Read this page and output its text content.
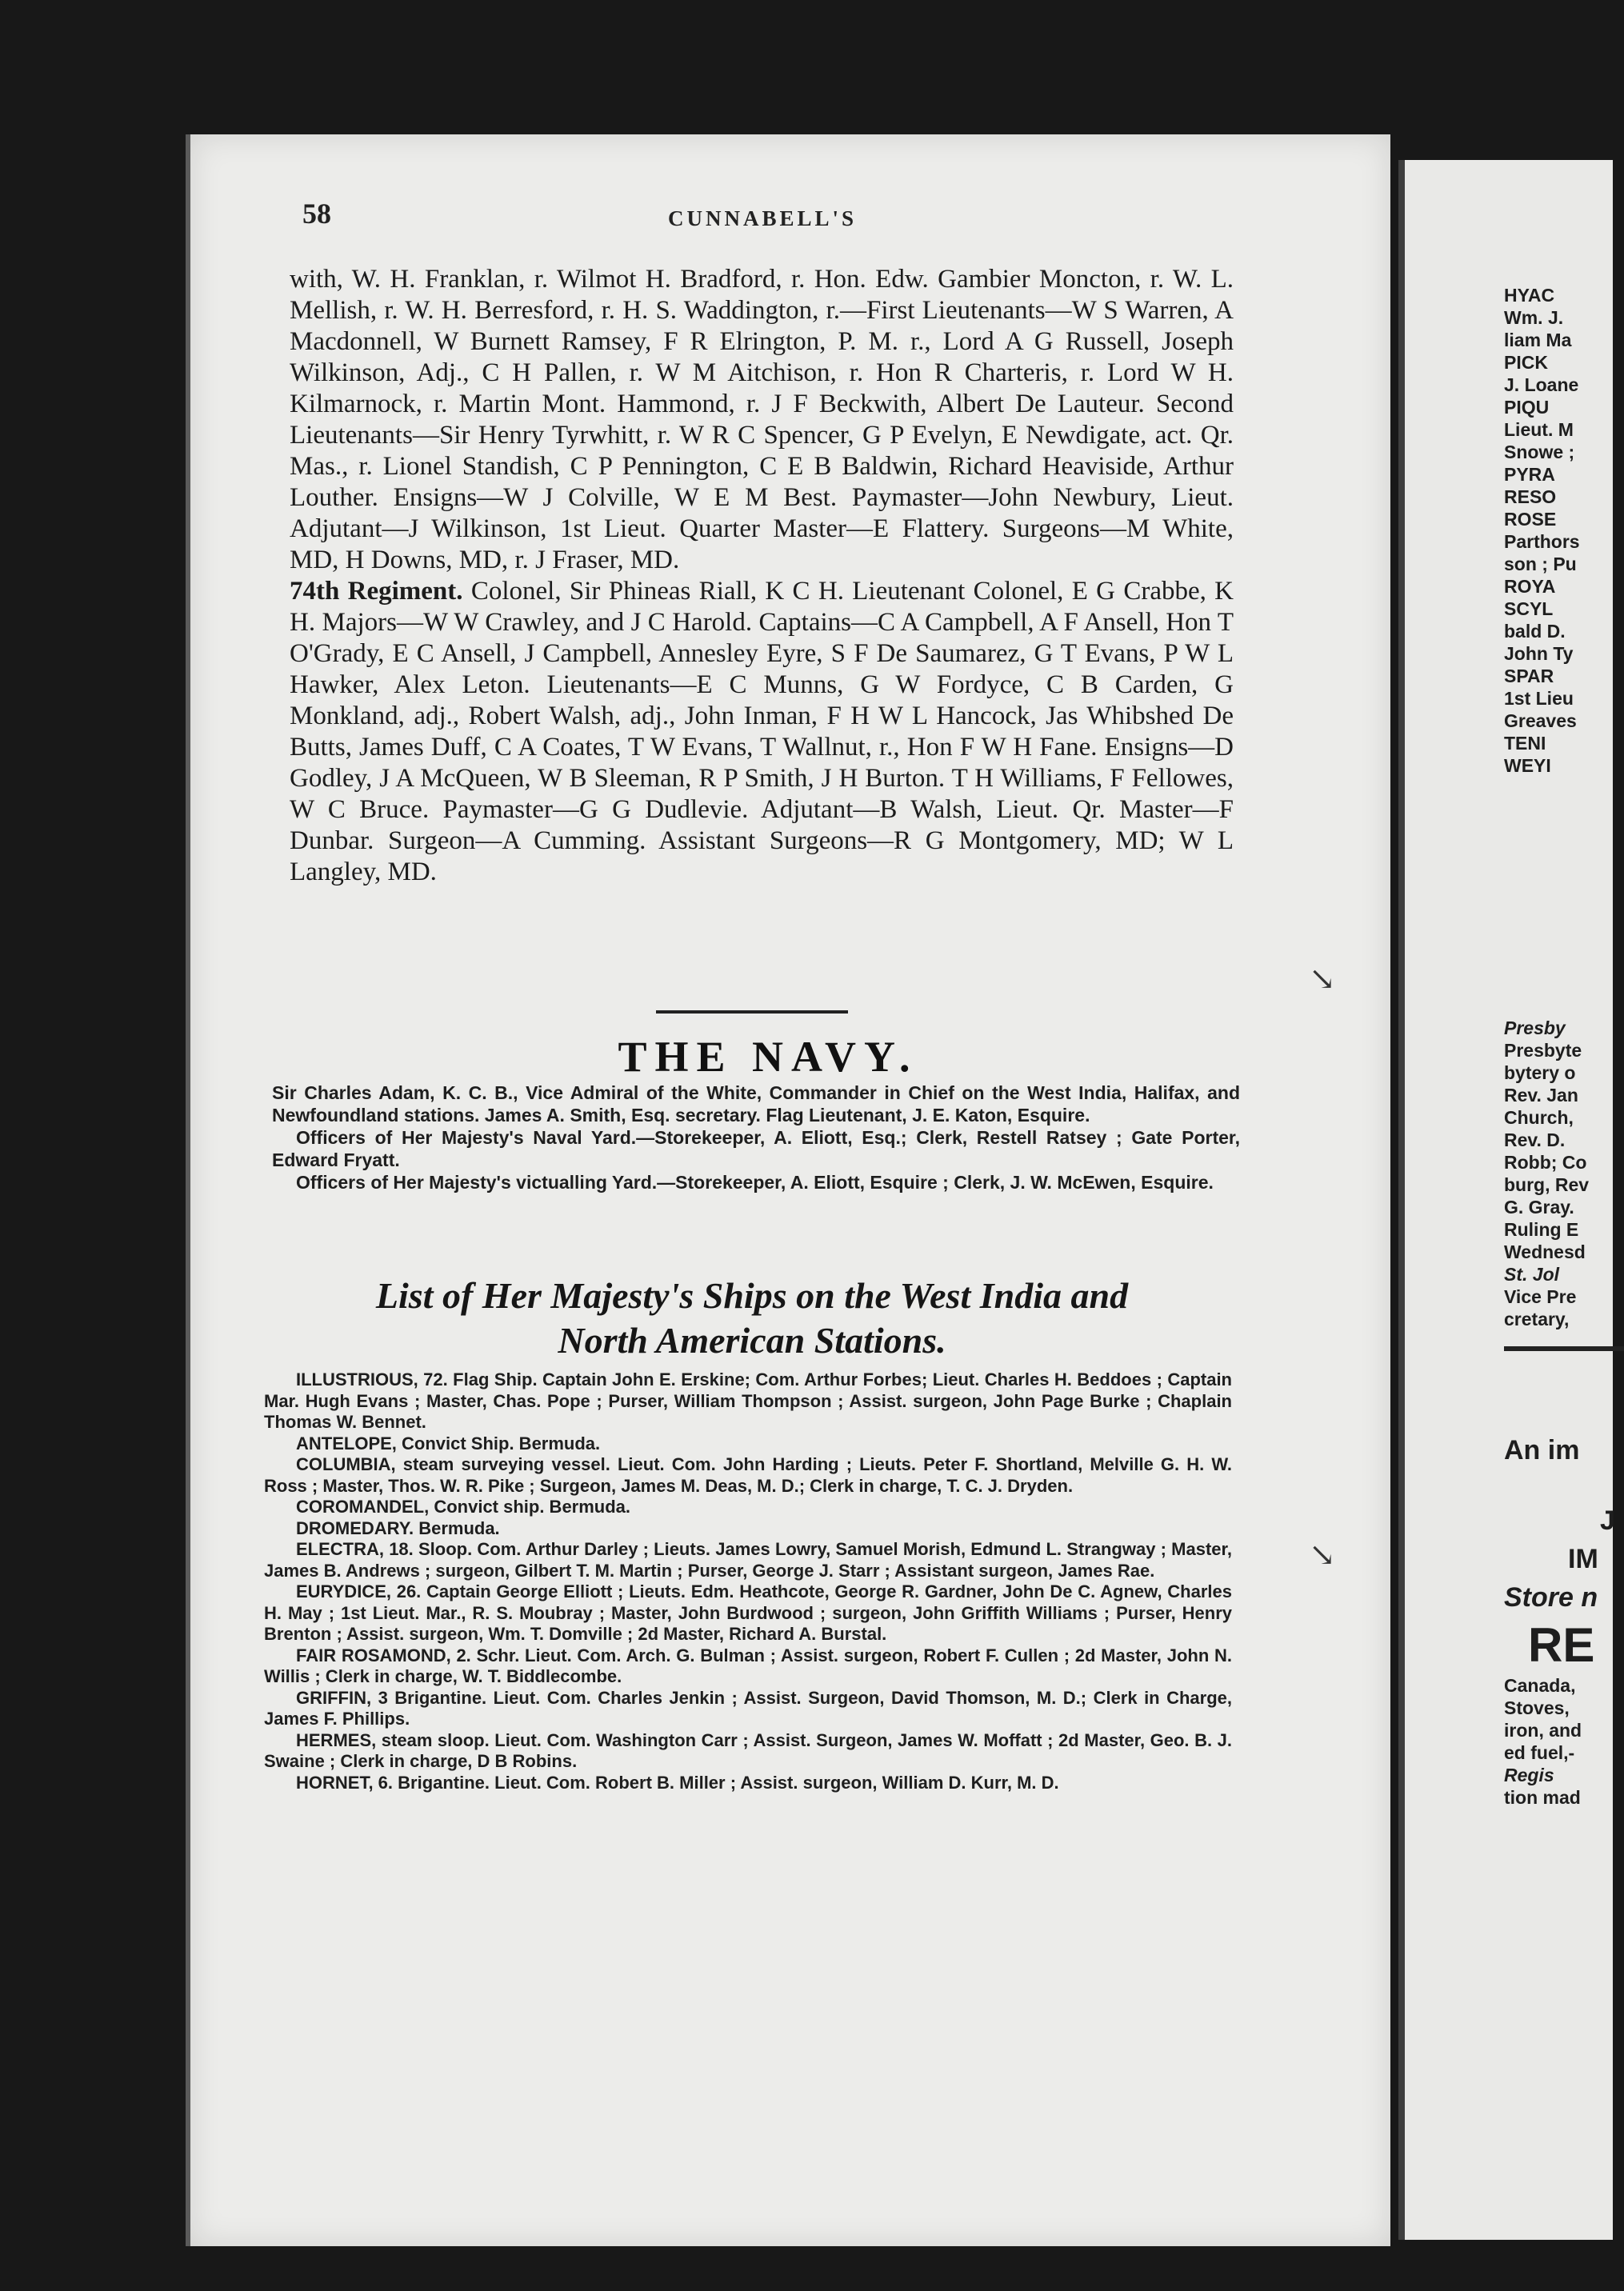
58	CUNNABELL'S

with, W. H. Franklan, r. Wilmot H. Bradford, r. Hon. Edw. Gambier Moncton, r. W. L. Mellish, r. W. H. Berresford, r. H. S. Waddington, r.—First Lieutenants—W S Warren, A Macdonnell, W Burnett Ramsey, F R Elrington, P. M. r., Lord A G Russell, Joseph Wilkinson, Adj., C H Pallen, r. W M Aitchison, r. Hon R Charteris, r. Lord W H. Kilmarnock, r. Martin Mont. Hammond, r. J F Beckwith, Albert De Lauteur. Second Lieutenants—Sir Henry Tyrwhitt, r. W R C Spencer, G P Evelyn, E Newdigate, act. Qr. Mas., r. Lionel Standish, C P Pennington, C E B Baldwin, Richard Heaviside, Arthur Louther. Ensigns—W J Colville, W E M Best. Paymaster—John Newbury, Lieut. Adjutant—J Wilkinson, 1st Lieut. Quarter Master—E Flattery. Surgeons—M White, MD, H Downs, MD, r. J Fraser, MD.

74th Regiment. Colonel, Sir Phineas Riall, K C H. Lieutenant Colonel, E G Crabbe, K H. Majors—W W Crawley, and J C Harold. Captains—C A Campbell, A F Ansell, Hon T O'Grady, E C Ansell, J Campbell, Annesley Eyre, S F De Saumarez, G T Evans, P W L Hawker, Alex Leton. Lieutenants—E C Munns, G W Fordyce, C B Carden, G Monkland, adj., Robert Walsh, adj., John Inman, F H W L Hancock, Jas Whibshed De Butts, James Duff, C A Coates, T W Evans, T Wallnut, r., Hon F W H Fane. Ensigns—D Godley, J A McQueen, W B Sleeman, R P Smith, J H Burton. T H Williams, F Fellowes, W C Bruce. Paymaster—G G Dudlevie. Adjutant—B Walsh, Lieut. Qr. Master—F Dunbar. Surgeon—A Cumming. Assistant Surgeons—R G Montgomery, MD; W L Langley, MD.

THE NAVY.

Sir Charles Adam, K. C. B., Vice Admiral of the White, Commander in Chief on the West India, Halifax, and Newfoundland stations. James A. Smith, Esq. secretary. Flag Lieutenant, J. E. Katon, Esquire.

Officers of Her Majesty's Naval Yard.—Storekeeper, A. Eliott, Esq.; Clerk, Restell Ratsey ; Gate Porter, Edward Fryatt.

Officers of Her Majesty's victualling Yard.—Storekeeper, A. Eliott, Esquire ; Clerk, J. W. McEwen, Esquire.

List of Her Majesty's Ships on the West India and
North American Stations.

ILLUSTRIOUS, 72. Flag Ship. Captain John E. Erskine; Com. Arthur Forbes; Lieut. Charles H. Beddoes ; Captain Mar. Hugh Evans ; Master, Chas. Pope ; Purser, William Thompson ; Assist. surgeon, John Page Burke ; Chaplain Thomas W. Bennet.

ANTELOPE, Convict Ship. Bermuda.

COLUMBIA, steam surveying vessel. Lieut. Com. John Harding ; Lieuts. Peter F. Shortland, Melville G. H. W. Ross ; Master, Thos. W. R. Pike ; Surgeon, James M. Deas, M. D.; Clerk in charge, T. C. J. Dryden.

COROMANDEL, Convict ship. Bermuda.

DROMEDARY. Bermuda.

ELECTRA, 18. Sloop. Com. Arthur Darley ; Lieuts. James Lowry, Samuel Morish, Edmund L. Strangway ; Master, James B. Andrews ; surgeon, Gilbert T. M. Martin ; Purser, George J. Starr ; Assistant surgeon, James Rae.

EURYDICE, 26. Captain George Elliott ; Lieuts. Edm. Heathcote, George R. Gardner, John De C. Agnew, Charles H. May ; 1st Lieut. Mar., R. S. Moubray ; Master, John Burdwood ; surgeon, John Griffith Williams ; Purser, Henry Brenton ; Assist. surgeon, Wm. T. Domville ; 2d Master, Richard A. Burstal.

FAIR ROSAMOND, 2. Schr. Lieut. Com. Arch. G. Bulman ; Assist. surgeon, Robert F. Cullen ; 2d Master, John N. Willis ; Clerk in charge, W. T. Biddlecombe.

GRIFFIN, 3 Brigantine. Lieut. Com. Charles Jenkin ; Assist. Surgeon, David Thomson, M. D.; Clerk in Charge, James F. Phillips.

HERMES, steam sloop. Lieut. Com. Washington Carr ; Assist. Surgeon, James W. Moffatt ; 2d Master, Geo. B. J. Swaine ; Clerk in charge, D B Robins.

HORNET, 6. Brigantine. Lieut. Com. Robert B. Miller ; Assist. surgeon, William D. Kurr, M. D.

↘
↘
HYAC
Wm. J.
liam Ma
PICK
J. Loane
PIQU
Lieut. M
Snowe ;
PYRA
RESO
ROSE
Parthors
son ; Pu
ROYA
SCYL
bald D.
John Ty
SPAR
1st Lieu
Greaves
TENI
WEYI
Presby
Presbyte
bytery o
Rev. Jan
Church,
Rev. D.
Robb; Co
burg, Rev
G. Gray.
Ruling E
Wednesd
St. Jol
Vice Pre
cretary,
An im
J
IM
Store n
RE
Canada,
Stoves,
iron, and
ed fuel,-
Regis
tion mad
